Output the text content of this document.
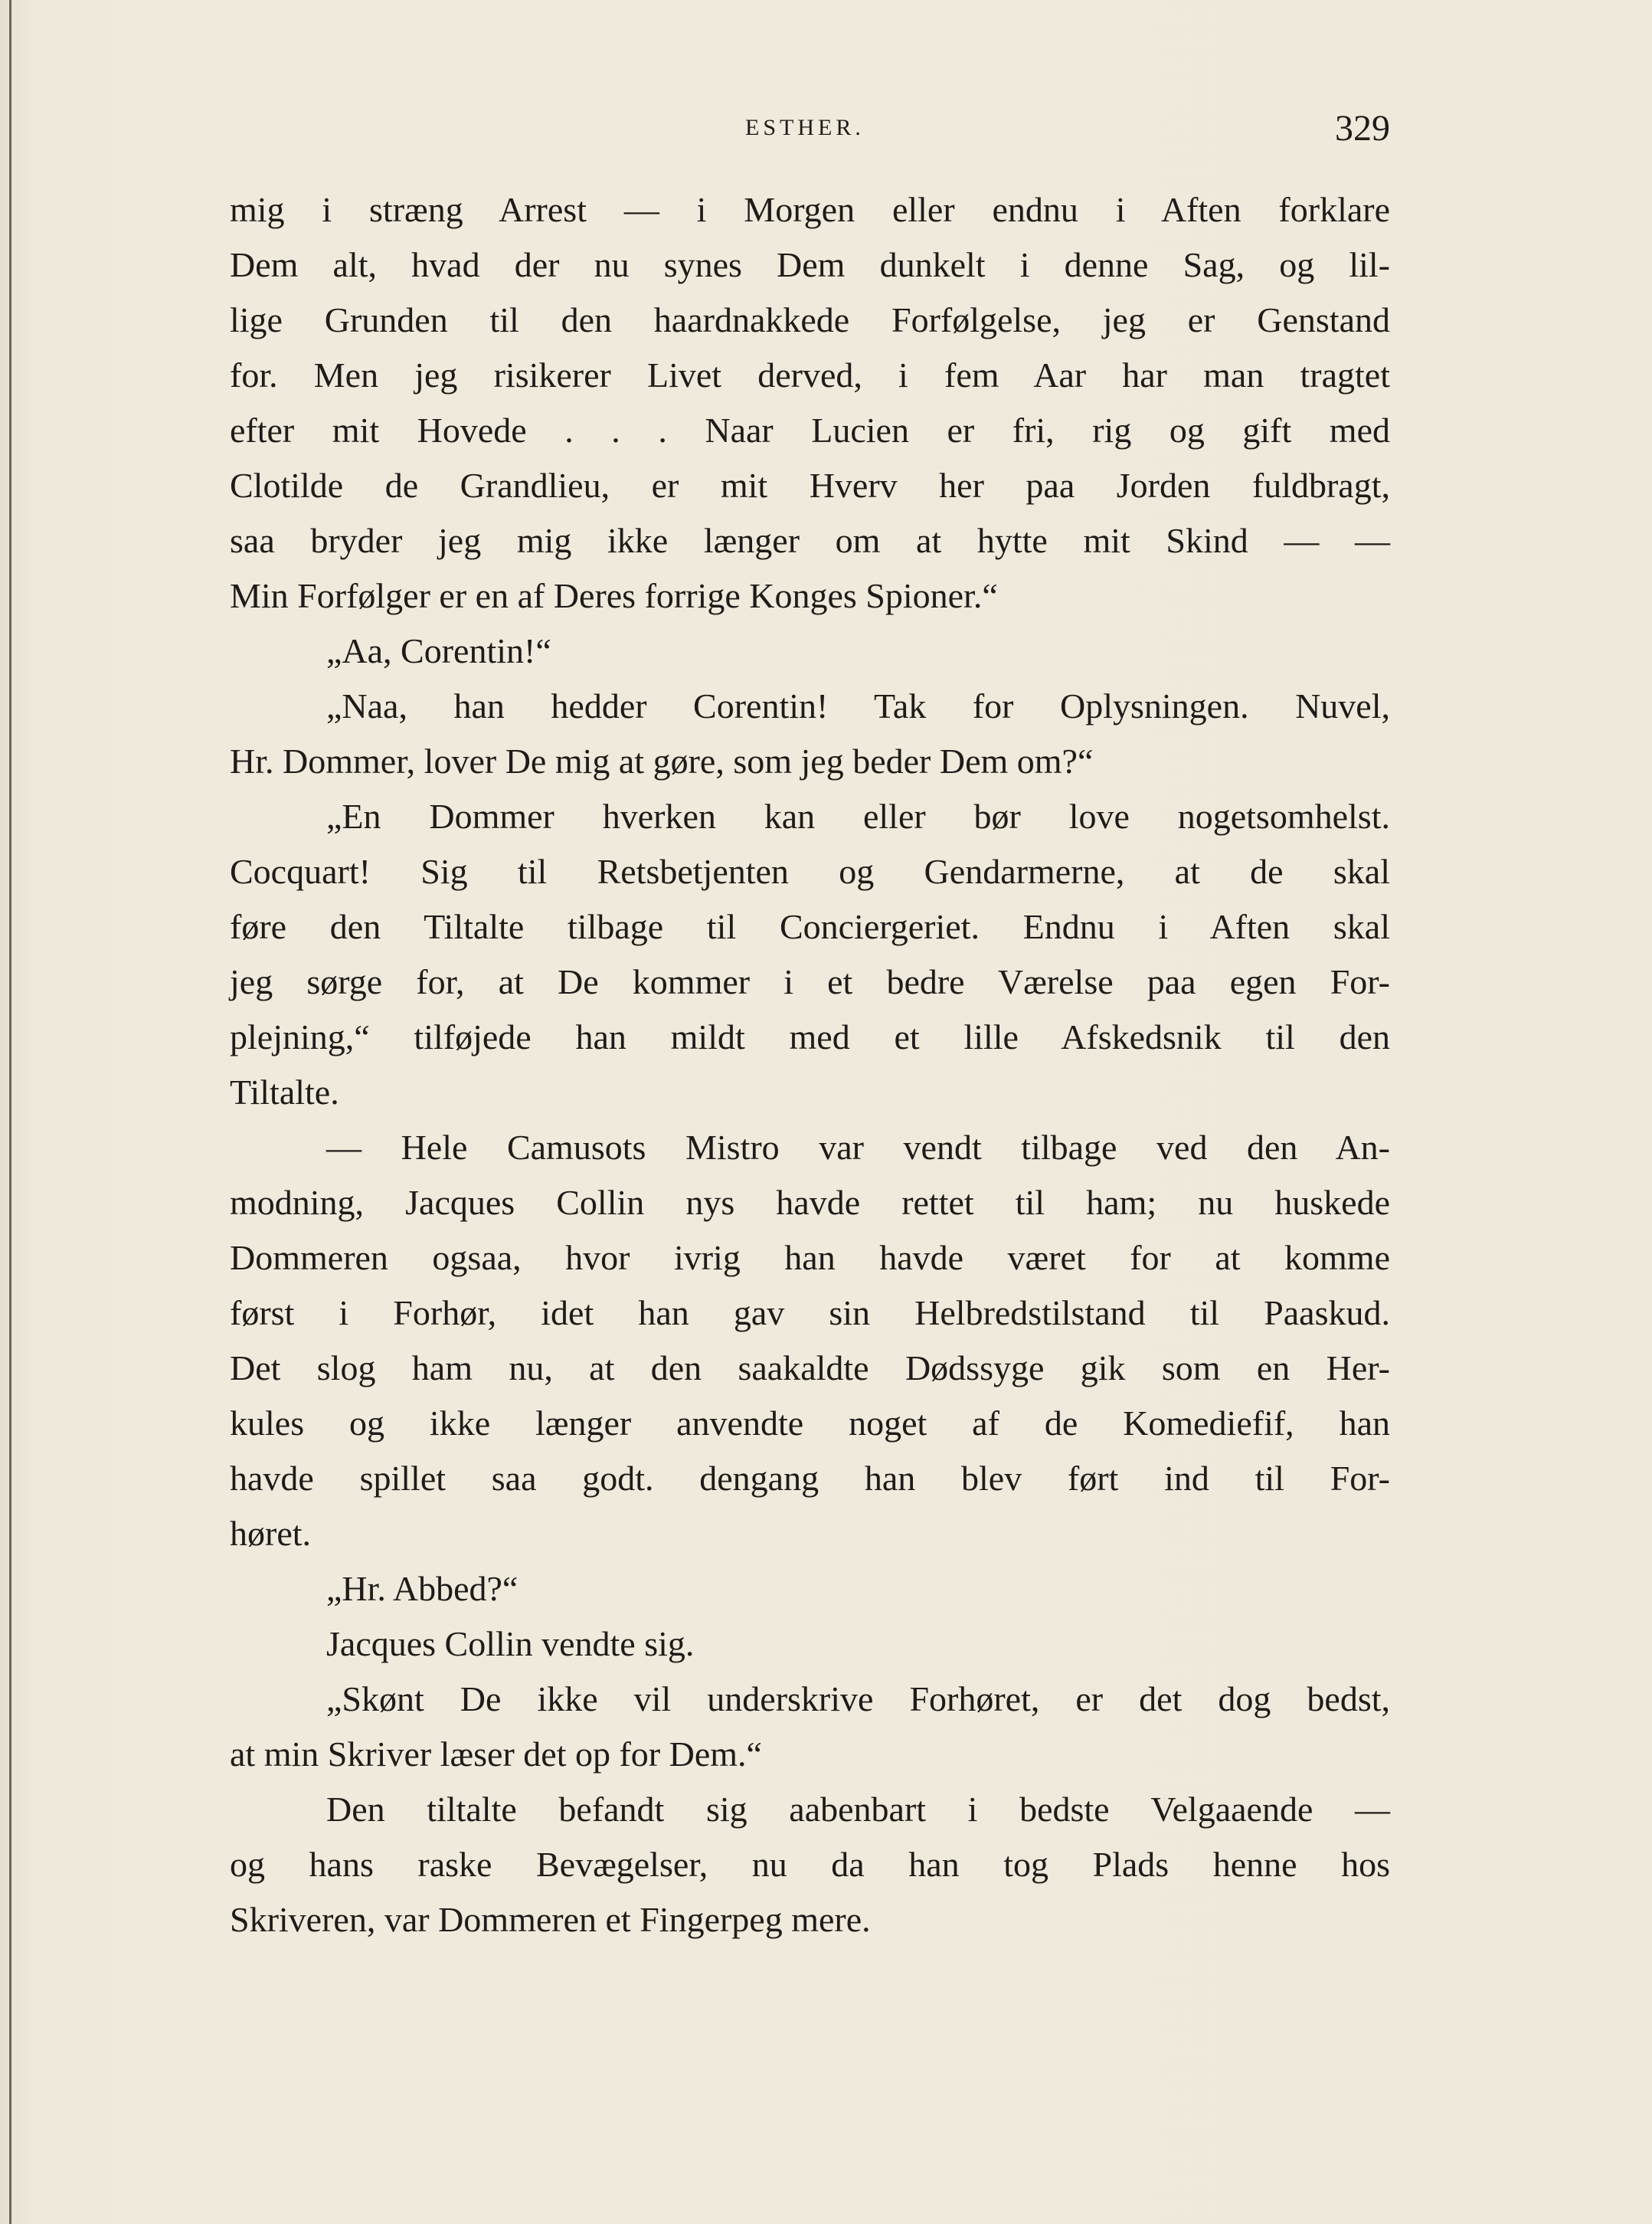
ESTHER.	329
mig i stræng Arrest — i Morgen eller endnu i Aften forklare
Dem alt, hvad der nu synes Dem dunkelt i denne Sag, og lil-
lige Grunden til den haardnakkede Forfølgelse, jeg er Genstand
for. Men jeg risikerer Livet derved, i fem Aar har man tragtet
efter mit Hovede . . . Naar Lucien er fri, rig og gift med
Clotilde de Grandlieu, er mit Hverv her paa Jorden fuldbragt,
saa bryder jeg mig ikke længer om at hytte mit Skind — —
Min Forfølger er en af Deres forrige Konges Spioner.“
„Aa, Corentin!“
„Naa, han hedder Corentin! Tak for Oplysningen. Nuvel,
Hr. Dommer, lover De mig at gøre, som jeg beder Dem om?“
„En Dommer hverken kan eller bør love nogetsomhelst.
Cocquart! Sig til Retsbetjenten og Gendarmerne, at de skal
føre den Tiltalte tilbage til Conciergeriet. Endnu i Aften skal
jeg sørge for, at De kommer i et bedre Værelse paa egen For-
plejning,“ tilføjede han mildt med et lille Afskedsnik til den
Tiltalte.
— Hele Camusots Mistro var vendt tilbage ved den An-
modning, Jacques Collin nys havde rettet til ham; nu huskede
Dommeren ogsaa, hvor ivrig han havde været for at komme
først i Forhør, idet han gav sin Helbredstilstand til Paaskud.
Det slog ham nu, at den saakaldte Dødssyge gik som en Her-
kules og ikke længer anvendte noget af de Komediefif, han
havde spillet saa godt. dengang han blev ført ind til For-
høret.
„Hr. Abbed?“
Jacques Collin vendte sig.
„Skønt De ikke vil underskrive Forhøret, er det dog bedst,
at min Skriver læser det op for Dem.“
Den tiltalte befandt sig aabenbart i bedste Velgaaende —
og hans raske Bevægelser, nu da han tog Plads henne hos
Skriveren, var Dommeren et Fingerpeg mere.
